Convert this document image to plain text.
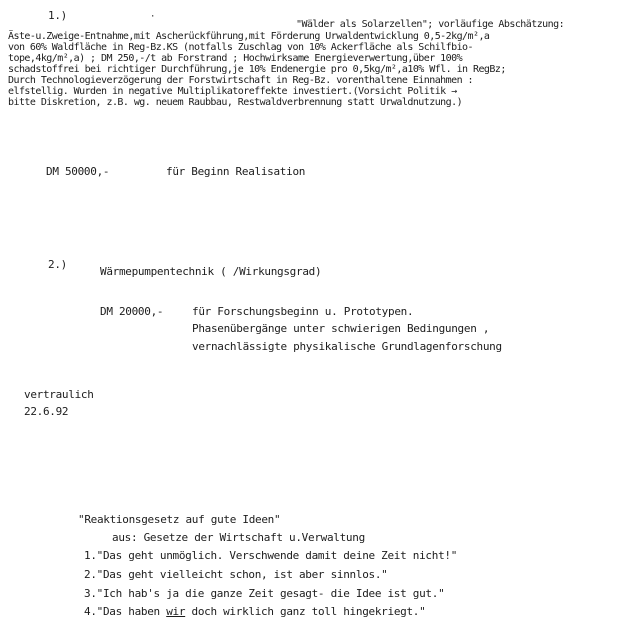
1.)	·
"Wälder als Solarzellen"; vorläufige Abschätzung:
Äste-u.Zweige-Entnahme,mit Ascherückführung,mit Förderung Urwaldentwicklung 0,5-2kg/m²,a
von 60% Waldfläche in Reg-Bz.KS (notfalls Zuschlag von 10% Ackerfläche als Schilfbio-
tope,4kg/m²,a) ; DM 250,-/t ab Forstrand ; Hochwirksame Energieverwertung,über 100%
schadstoffrei bei richtiger Durchführung,je 10% Endenergie pro 0,5kg/m²,a10% Wfl. in RegBz;
Durch Technologieverzögerung der Forstwirtschaft in Reg-Bz. vorenthaltene Einnahmen :
elfstellig. Wurden in negative Multiplikatoreffekte investiert.(Vorsicht Politik →
bitte Diskretion, z.B. wg. neuem Raubbau, Restwaldverbrennung statt Urwaldnutzung.)
DM 50000,-	für Beginn Realisation
2.)
Wärmepumpentechnik ( /Wirkungsgrad)
DM 20000,-	für Forschungsbeginn u. Prototypen.
Phasenübergänge unter schwierigen Bedingungen ,
vernachlässigte physikalische Grundlagenforschung
vertraulich
22.6.92
"Reaktionsgesetz auf gute Ideen"
aus: Gesetze der Wirtschaft u.Verwaltung
1."Das geht unmöglich. Verschwende damit deine Zeit nicht!"
2."Das geht vielleicht schon, ist aber sinnlos."
3."Ich hab's ja die ganze Zeit gesagt- die Idee ist gut."
4."Das haben wir doch wirklich ganz toll hingekriegt."
